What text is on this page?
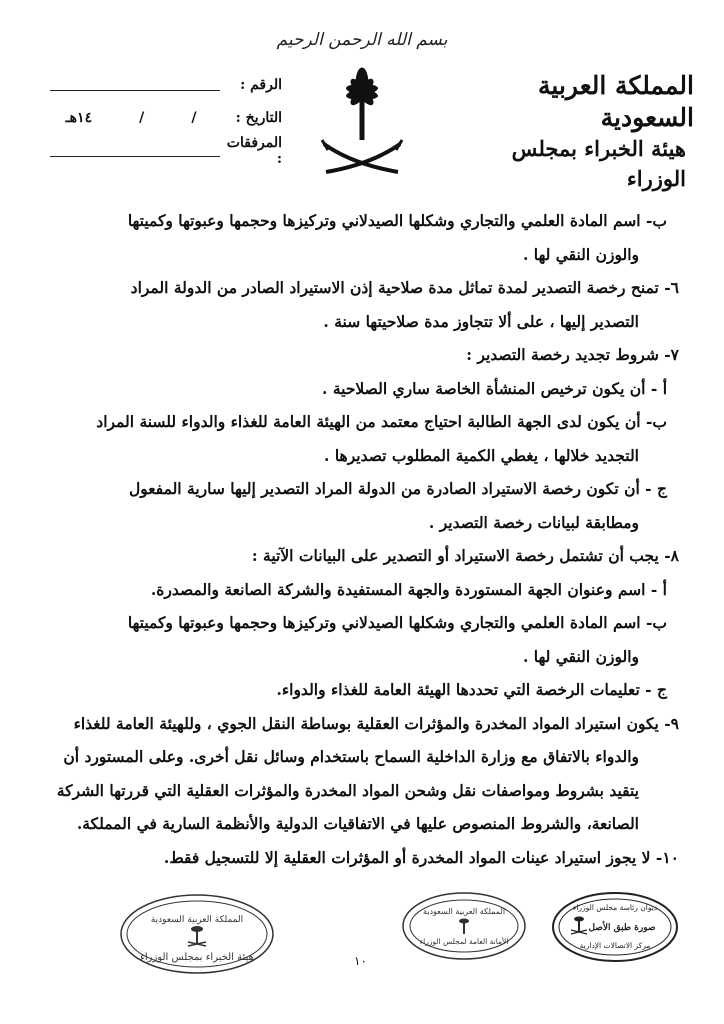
بسم الله الرحمن الرحيم
المملكة العربية السعودية
هيئة الخبراء بمجلس الوزراء
الرقم :
التاريخ :
/
/
١٤هـ
المرفقات :

ب- اسم المادة العلمي والتجاري وشكلها الصيدلاني وتركيزها وحجمها وعبوتها وكميتها

والوزن النقي لها .

٦- تمنح رخصة التصدير لمدة تماثل مدة صلاحية إذن الاستيراد الصادر من الدولة المراد

التصدير إليها ، على ألا تتجاوز مدة صلاحيتها سنة .

٧- شروط تجديد رخصة التصدير :

أ - أن يكون ترخيص المنشأة الخاصة ساري الصلاحية .

ب- أن يكون لدى الجهة الطالبة احتياج معتمد من الهيئة العامة للغذاء والدواء للسنة المراد

التجديد خلالها ، يغطي الكمية المطلوب تصديرها .

ج - أن تكون رخصة الاستيراد الصادرة من الدولة المراد التصدير إليها سارية المفعول

ومطابقة لبيانات رخصة التصدير .

٨- يجب أن تشتمل رخصة الاستيراد أو التصدير على البيانات الآتية :

أ - اسم وعنوان الجهة المستوردة والجهة المستفيدة والشركة الصانعة والمصدرة.

ب- اسم المادة العلمي والتجاري وشكلها الصيدلاني وتركيزها وحجمها وعبوتها وكميتها

والوزن النقي لها .

ج - تعليمات الرخصة التي تحددها الهيئة العامة للغذاء والدواء.

٩- يكون استيراد المواد المخدرة والمؤثرات العقلية بوساطة النقل الجوي ، وللهيئة العامة للغذاء

والدواء بالاتفاق مع وزارة الداخلية السماح باستخدام وسائل نقل أخرى. وعلى المستورد أن

يتقيد بشروط ومواصفات نقل وشحن المواد المخدرة والمؤثرات العقلية التي قررتها الشركة

الصانعة، والشروط المنصوص عليها في الاتفاقيات الدولية والأنظمة السارية في المملكة.

١٠- لا يجوز استيراد عينات المواد المخدرة أو المؤثرات العقلية إلا للتسجيل فقط.

١٠
المملكة العربية السعودية
هيئة الخبراء بمجلس الوزراء
المملكة العربية السعودية
الأمانة العامة لمجلس الوزراء
ديوان رئاسة مجلس الوزراء
صورة طبق الأصل
مركز الاتصالات الإدارية
